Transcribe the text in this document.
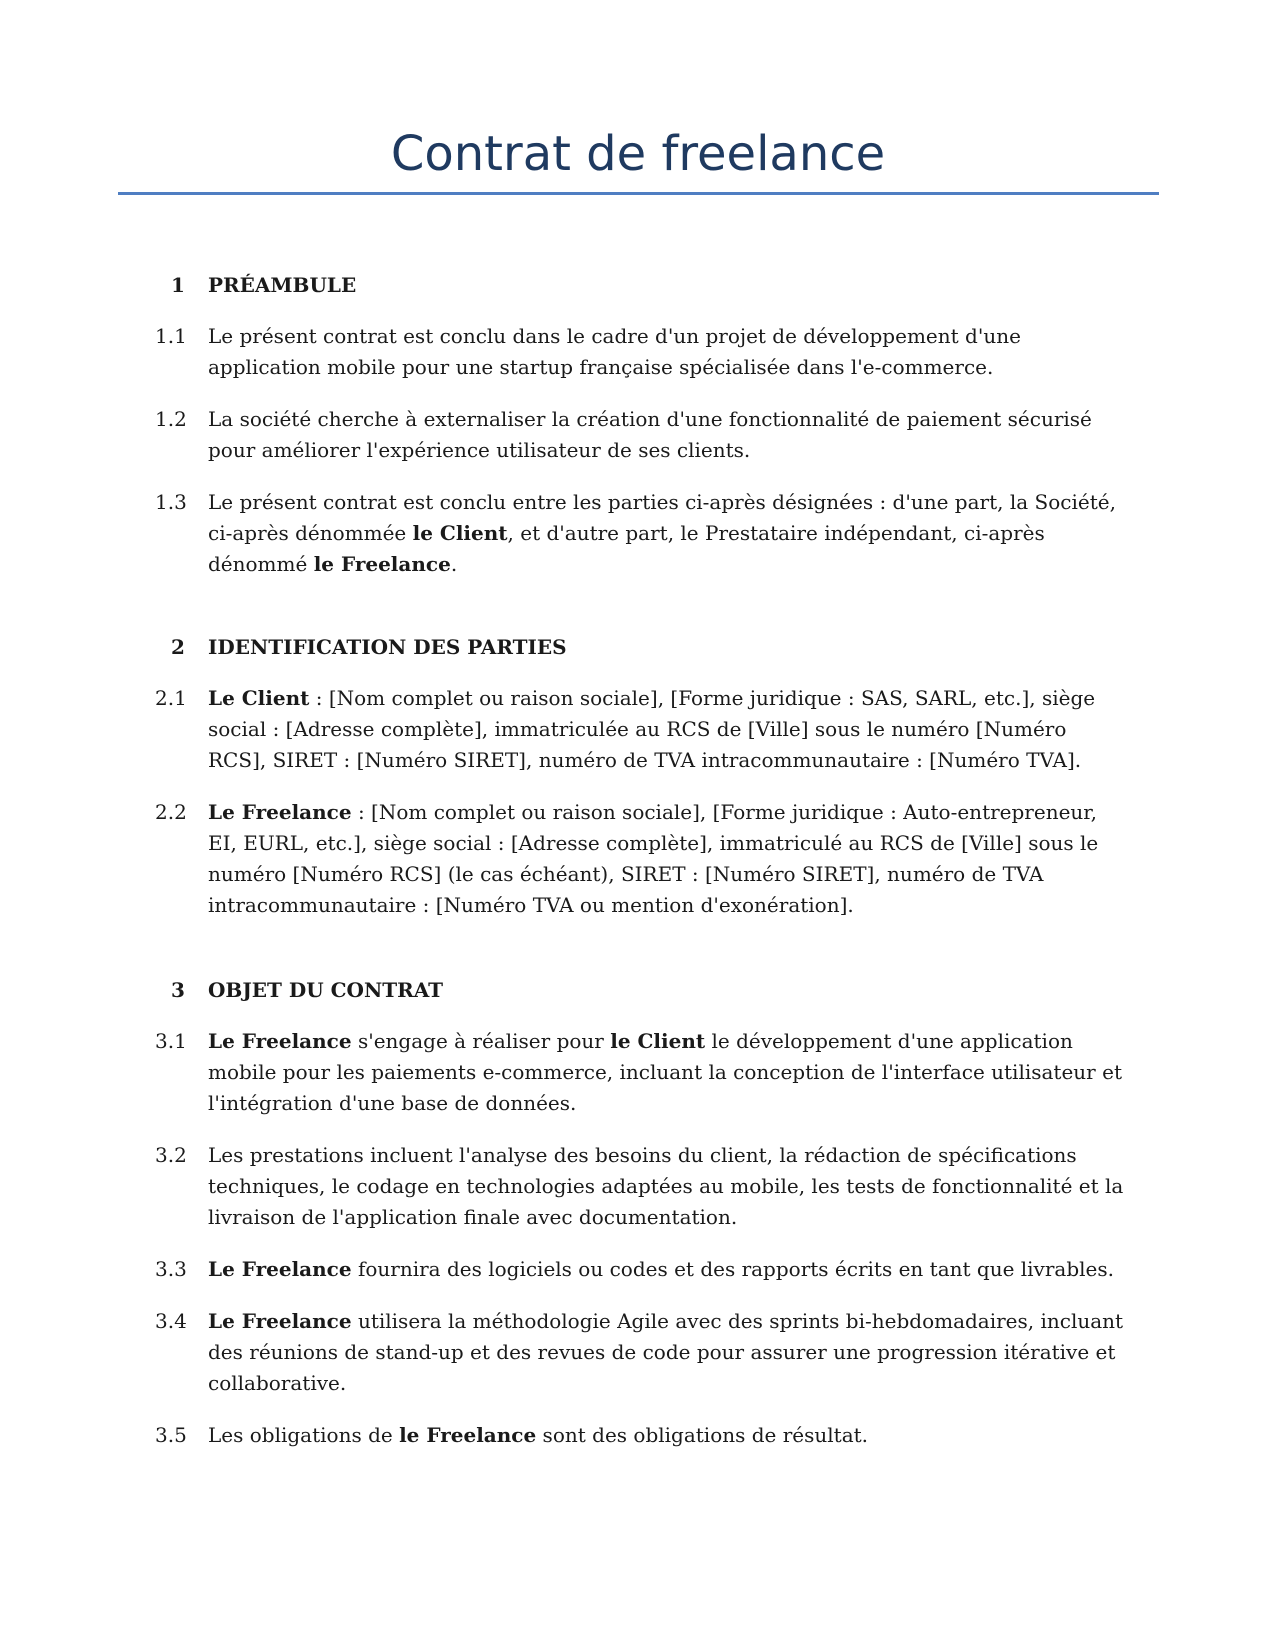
Contrat de freelance
1 PRÉAMBULE
1.1 Le présent contrat est conclu dans le cadre d'un projet de développement d'une application mobile pour une startup française spécialisée dans l'e-commerce.
1.2 La société cherche à externaliser la création d'une fonctionnalité de paiement sécurisé pour améliorer l'expérience utilisateur de ses clients.
1.3 Le présent contrat est conclu entre les parties ci-après désignées : d'une part, la Société, ci-après dénommée le Client, et d'autre part, le Prestataire indépendant, ci-après dénommé le Freelance.
2 IDENTIFICATION DES PARTIES
2.1 Le Client : [Nom complet ou raison sociale], [Forme juridique : SAS, SARL, etc.], siège social : [Adresse complète], immatriculée au RCS de [Ville] sous le numéro [Numéro RCS], SIRET : [Numéro SIRET], numéro de TVA intracommunautaire : [Numéro TVA].
2.2 Le Freelance : [Nom complet ou raison sociale], [Forme juridique : Auto-entrepreneur, EI, EURL, etc.], siège social : [Adresse complète], immatriculé au RCS de [Ville] sous le numéro [Numéro RCS] (le cas échéant), SIRET : [Numéro SIRET], numéro de TVA intracommunautaire : [Numéro TVA ou mention d'exonération].
3 OBJET DU CONTRAT
3.1 Le Freelance s'engage à réaliser pour le Client le développement d'une application mobile pour les paiements e-commerce, incluant la conception de l'interface utilisateur et l'intégration d'une base de données.
3.2 Les prestations incluent l'analyse des besoins du client, la rédaction de spécifications techniques, le codage en technologies adaptées au mobile, les tests de fonctionnalité et la livraison de l'application finale avec documentation.
3.3 Le Freelance fournira des logiciels ou codes et des rapports écrits en tant que livrables.
3.4 Le Freelance utilisera la méthodologie Agile avec des sprints bi-hebdomadaires, incluant des réunions de stand-up et des revues de code pour assurer une progression itérative et collaborative.
3.5 Les obligations de le Freelance sont des obligations de résultat.
